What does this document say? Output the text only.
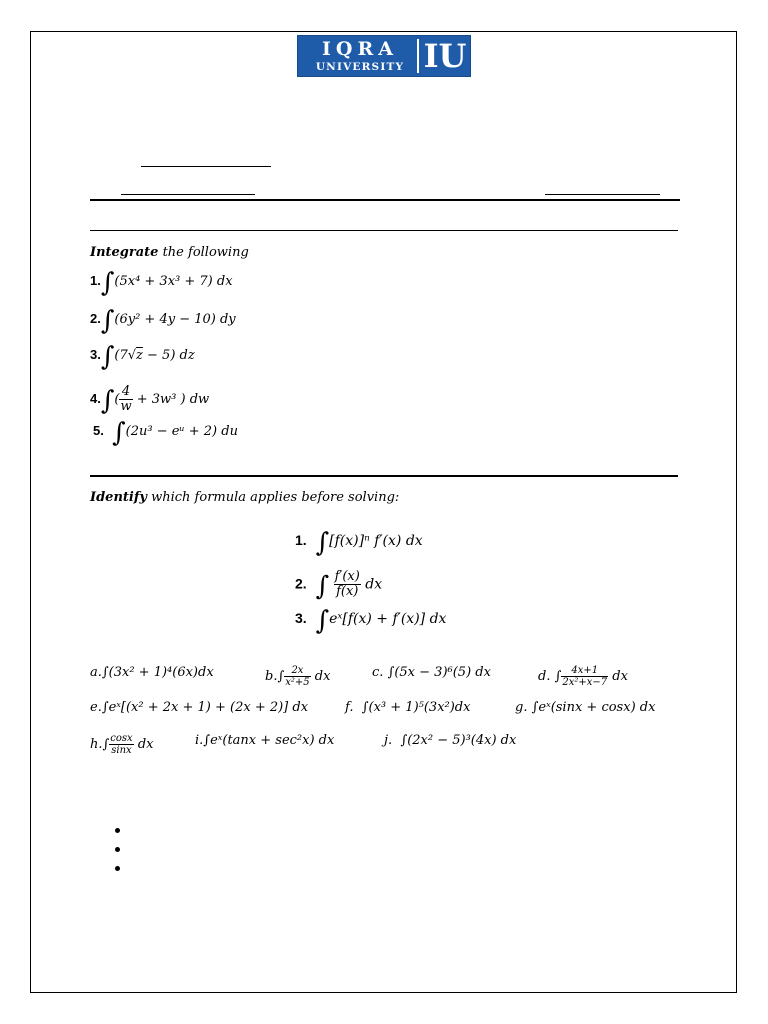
IQRA
UNIVERSITY IU
Integrate the following
1.∫(5x⁴ + 3x³ + 7) dx
2.∫(6y² + 4y − 10) dy
3.∫(7√z − 5) dz
$4.\int( \frac{4}{w} + 3w^3$ ) dw
5. ∫(2u³ − eᵘ + 2) du
Identify which formula applies before solving:
1. ∫[f(x)]ⁿ f′(x) dx
2. ∫ $\frac{f'(x)}{f(x)}$ dx
3. ∫eˣ[f(x) + f′(x)] dx
a.∫(3x² + 1)⁴(6x)dx	$b.\int \frac{2x}{\text{x²+5}}$ dx	c. ∫(5x − 3)⁶(5) dx	d. ∫ $\frac{4x+1}{\text{2x²+x−7}}$ dx
e.∫eˣ[(x² + 2x + 1) + (2x + 2)] dx	f. ∫(x³ + 1)⁵(3x²)dx	g. ∫eˣ(sinx + cosx) dx
$h.\int \frac{\cos x}{\sin x}$ dx	i.∫eˣ(tanx + sec²x) dx	j. ∫(2x² − 5)³(4x) dx
